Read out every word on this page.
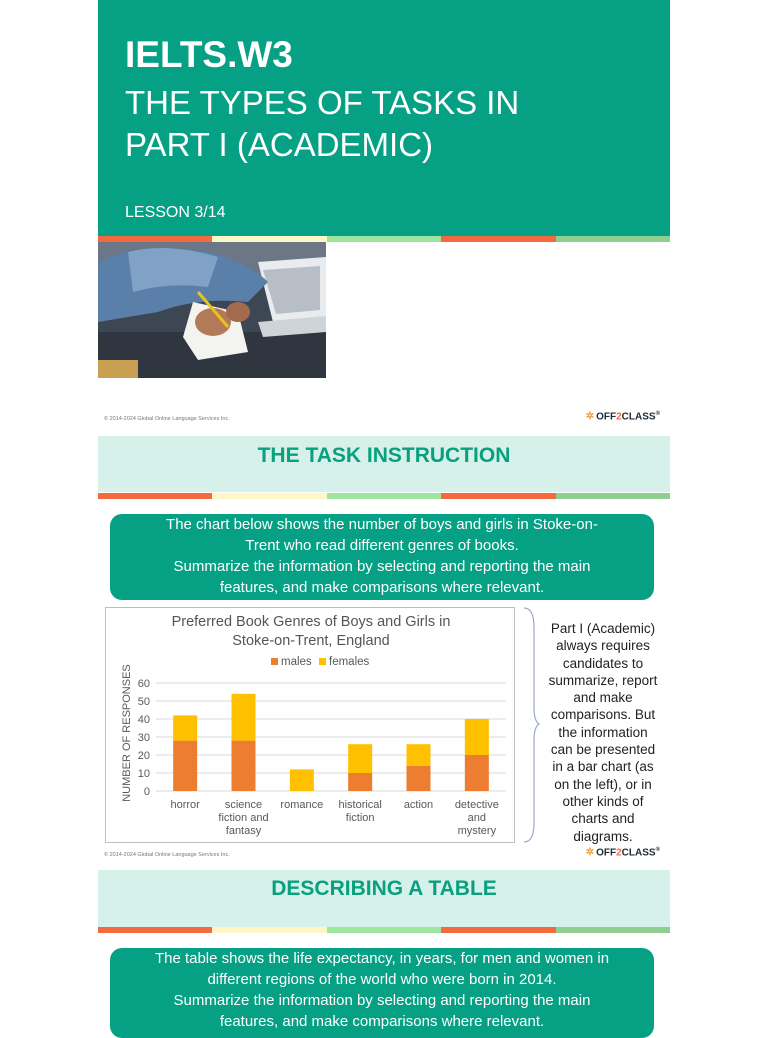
IELTS.W3
THE TYPES OF TASKS IN
PART I (ACADEMIC)
LESSON 3/14
© 2014-2024 Global Online Language Services Inc.	✲ OFF2CLASS®
THE TASK INSTRUCTION
The chart below shows the number of boys and girls in Stoke-on-
Trent who read different genres of books.
Summarize the information by selecting and reporting the main
features, and make comparisons where relevant.
Preferred Book Genres of Boys and Girls in
Stoke-on-Trent, England
0
10
20
30
40
50
60
NUMBER OF RESPONSES
males females
horror science
fiction and
fantasy
romance historical
fiction
action detective
and
mystery
Part I (Academic)
always requires
candidates to
summarize, report
and make
comparisons. But
the information
can be presented
in a bar chart (as
on the left), or in
other kinds of
charts and
diagrams.
© 2014-2024 Global Online Language Services Inc.	✲ OFF2CLASS®
DESCRIBING A TABLE
The table shows the life expectancy, in years, for men and women in
different regions of the world who were born in 2014.
Summarize the information by selecting and reporting the main
features, and make comparisons where relevant.
